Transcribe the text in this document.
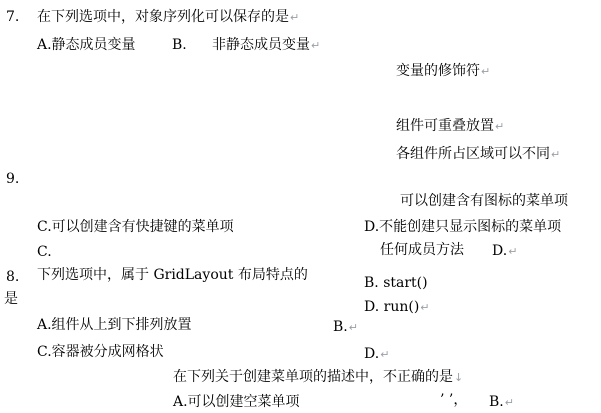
7. 在下列选项中，对象序列化可以保存的是↵
A.静态成员变量	B. 非静态成员变量↵
变量的修饰符↵
组件可重叠放置↵
各组件所占区域可以不同↵
9.
可以创建含有图标的菜单项
C.可以创建含有快捷键的菜单项	D.不能创建只显示图标的菜单项
C.	任何成员方法 D.↵
8. 下列选项中，属于 GridLayout 布局特点的	B. start()
是	D. run()↵
A.组件从上到下排列放置	B.↵
C.容器被分成网格状	D.↵
在下列关于创建菜单项的描述中，不正确的是↓
A.可以创建空菜单项	’ ’， B.↵
